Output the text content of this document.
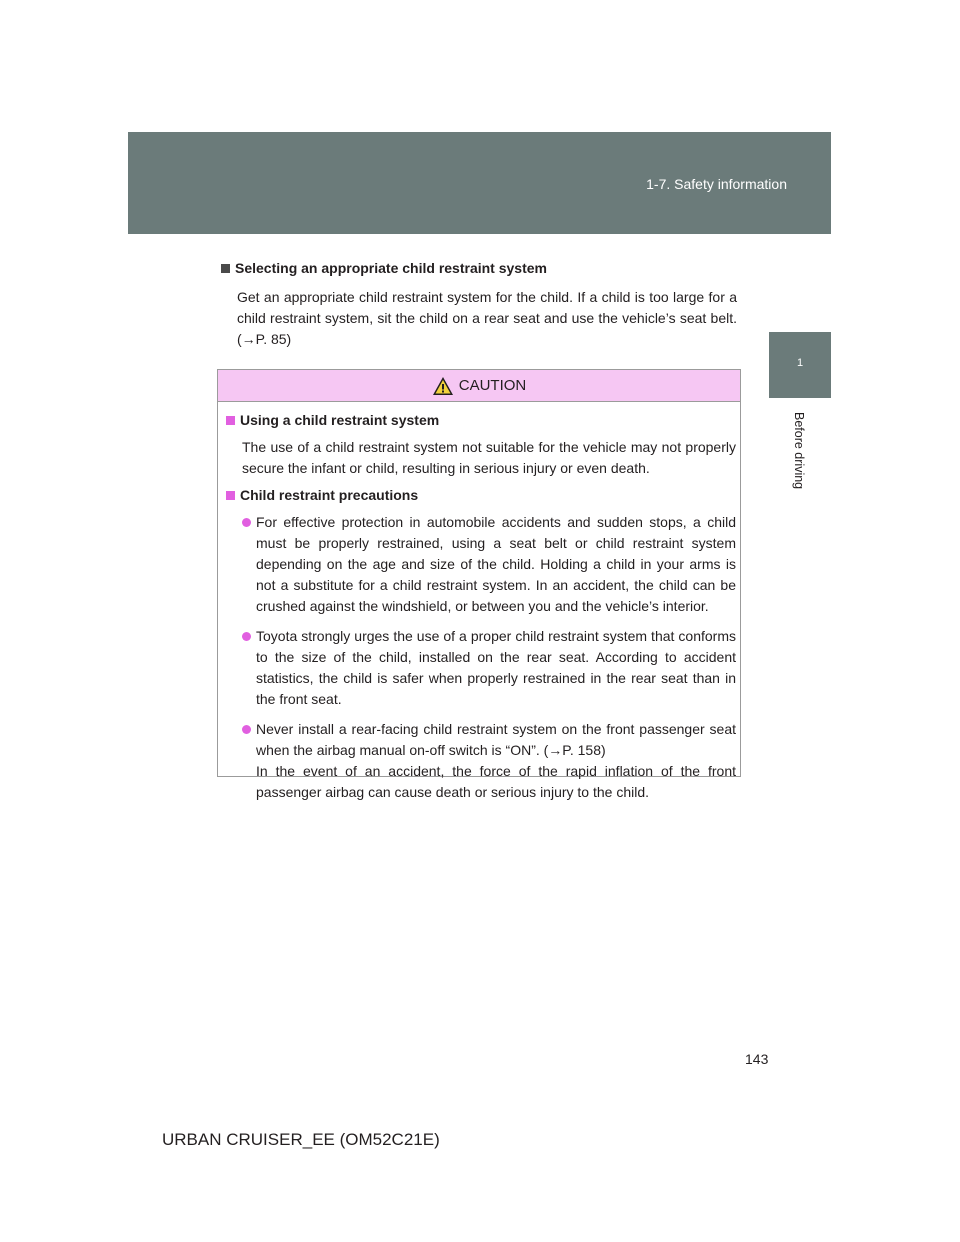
1-7. Safety information
1
Before driving
Selecting an appropriate child restraint system

Get an appropriate child restraint system for the child. If a child is too large for a child restraint system, sit the child on a rear seat and use the vehicle’s seat belt. (→P. 85)

CAUTION
Using a child restraint system

The use of a child restraint system not suitable for the vehicle may not properly secure the infant or child, resulting in serious injury or even death.

Child restraint precautions
For effective protection in automobile accidents and sudden stops, a child must be properly restrained, using a seat belt or child restraint system depending on the age and size of the child. Holding a child in your arms is not a substitute for a child restraint system. In an accident, the child can be crushed against the windshield, or between you and the vehicle’s interior.
Toyota strongly urges the use of a proper child restraint system that conforms to the size of the child, installed on the rear seat. According to accident statistics, the child is safer when properly restrained in the rear seat than in the front seat.
Never install a rear-facing child restraint system on the front passenger seat when the airbag manual on-off switch is “ON”. (→P. 158)
In the event of an accident, the force of the rapid inflation of the front passenger airbag can cause death or serious injury to the child.
143
URBAN CRUISER_EE (OM52C21E)
